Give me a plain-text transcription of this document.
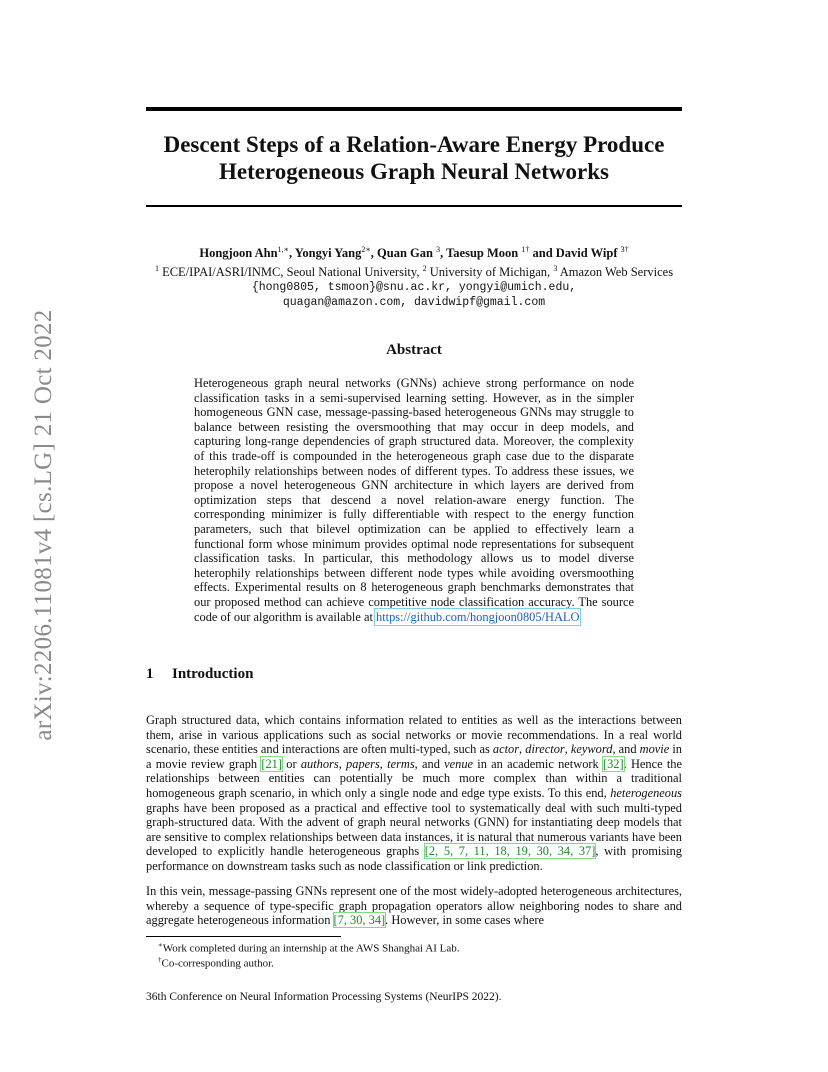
arXiv:2206.11081v4 [cs.LG] 21 Oct 2022
Descent Steps of a Relation-Aware Energy Produce
Heterogeneous Graph Neural Networks
Hongjoon Ahn$^{1,∗}$, Yongyi Yang$^{2∗}$, Quan Gan $^3$, Taesup Moon $^{1\dagger}$ and David Wipf $^{3\dagger}$
$^1$ ECE/IPAI/ASRI/INMC, Seoul National University, $^2$ University of Michigan, $^3$ Amazon Web Services
{hong0805, tsmoon}@snu.ac.kr, yongyi@umich.edu,
quagan@amazon.com, davidwipf@gmail.com
Abstract

Heterogeneous graph neural networks (GNNs) achieve strong performance on node classification tasks in a semi-supervised learning setting. However, as in the simpler homogeneous GNN case, message-passing-based heterogeneous GNNs may struggle to balance between resisting the oversmoothing that may occur in deep models, and capturing long-range dependencies of graph structured data. Moreover, the complexity of this trade-off is compounded in the heterogeneous graph case due to the disparate heterophily relationships between nodes of different types. To address these issues, we propose a novel heterogeneous GNN architecture in which layers are derived from optimization steps that descend a novel relation-aware energy function. The corresponding minimizer is fully differentiable with respect to the energy function parameters, such that bilevel optimization can be applied to effectively learn a functional form whose minimum provides optimal node representations for subsequent classification tasks. In particular, this methodology allows us to model diverse heterophily relationships between different node types while avoiding oversmoothing effects. Experimental results on 8 heterogeneous graph benchmarks demonstrates that our proposed method can achieve competitive node classification accuracy. The source code of our algorithm is available at https://github.com/hongjoon0805/HALO

1 Introduction

Graph structured data, which contains information related to entities as well as the interactions between them, arise in various applications such as social networks or movie recommendations. In a real world scenario, these entities and interactions are often multi-typed, such as actor, director, keyword, and movie in a movie review graph [21] or authors, papers, terms, and venue in an academic network [32]. Hence the relationships between entities can potentially be much more complex than within a traditional homogeneous graph scenario, in which only a single node and edge type exists. To this end, heterogeneous graphs have been proposed as a practical and effective tool to systematically deal with such multi-typed graph-structured data. With the advent of graph neural networks (GNN) for instantiating deep models that are sensitive to complex relationships between data instances, it is natural that numerous variants have been developed to explicitly handle heterogeneous graphs [2, 5, 7, 11, 18, 19, 30, 34, 37], with promising performance on downstream tasks such as node classification or link prediction.

In this vein, message-passing GNNs represent one of the most widely-adopted heterogeneous architectures, whereby a sequence of type-specific graph propagation operators allow neighboring nodes to share and aggregate heterogeneous information [7, 30, 34]. However, in some cases where

∗Work completed during an internship at the AWS Shanghai AI Lab.

†Co-corresponding author.

36th Conference on Neural Information Processing Systems (NeurIPS 2022).
